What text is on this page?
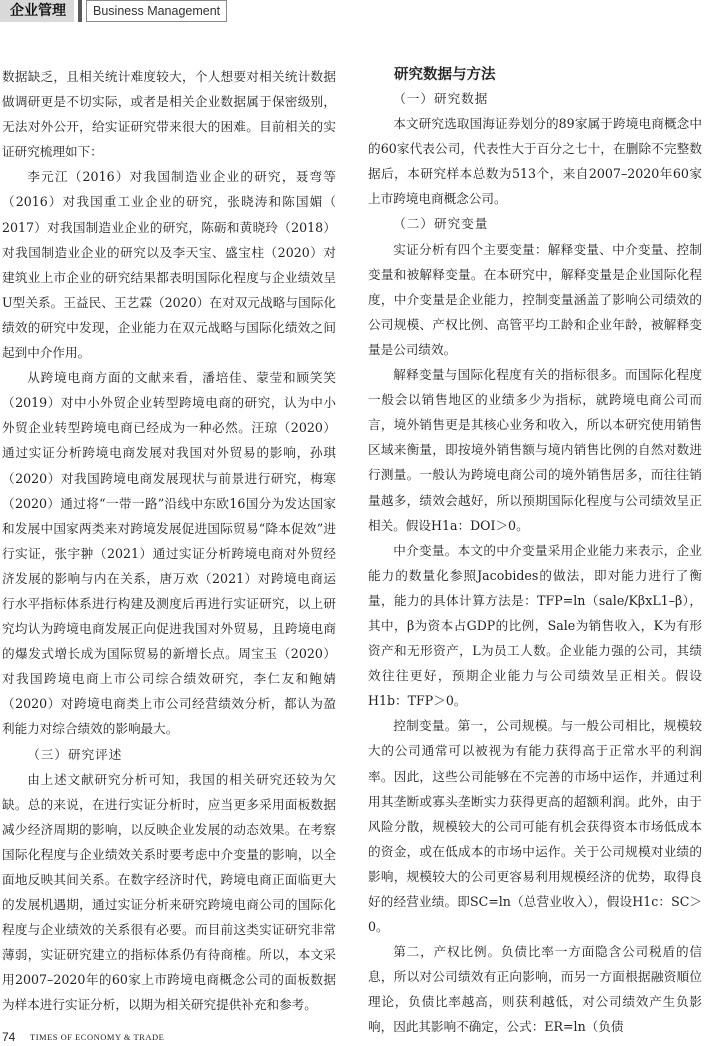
企业管理	Business Management

数据缺乏，且相关统计难度较大，个人想要对相关统计数据做调研更是不切实际，或者是相关企业数据属于保密级别，无法对外公开，给实证研究带来很大的困难。目前相关的实证研究梳理如下：

李元江（2016）对我国制造业企业的研究，聂弯等（2016）对我国重工业企业的研究，张晓涛和陈国媚（ 2017）对我国制造业企业的研究，陈砺和黄晓玲（2018）对我国制造业企业的研究以及李天宝、盛宝柱（2020）对建筑业上市企业的研究结果都表明国际化程度与企业绩效呈U型关系。王益民、王艺霖（2020）在对双元战略与国际化绩效的研究中发现，企业能力在双元战略与国际化绩效之间起到中介作用。

从跨境电商方面的文献来看，潘培佳、蒙莹和顾笑笑（2019）对中小外贸企业转型跨境电商的研究，认为中小外贸企业转型跨境电商已经成为一种必然。汪琼（2020）通过实证分析跨境电商发展对我国对外贸易的影响，孙琪（2020）对我国跨境电商发展现状与前景进行研究，梅寒（2020）通过将“一带一路”沿线中东欧16国分为发达国家和发展中国家两类来对跨境发展促进国际贸易“降本促效”进行实证，张宇翀（2021）通过实证分析跨境电商对外贸经济发展的影响与内在关系，唐万欢（2021）对跨境电商运行水平指标体系进行构建及测度后再进行实证研究，以上研究均认为跨境电商发展正向促进我国对外贸易，且跨境电商的爆发式增长成为国际贸易的新增长点。周宝玉（2020）对我国跨境电商上市公司综合绩效研究，李仁友和鲍婧（2020）对跨境电商类上市公司经营绩效分析，都认为盈利能力对综合绩效的影响最大。

（三）研究评述

由上述文献研究分析可知，我国的相关研究还较为欠缺。总的来说，在进行实证分析时，应当更多采用面板数据减少经济周期的影响，以反映企业发展的动态效果。在考察国际化程度与企业绩效关系时要考虑中介变量的影响，以全面地反映其间关系。在数字经济时代，跨境电商正面临更大的发展机遇期，通过实证分析来研究跨境电商公司的国际化程度与企业绩效的关系很有必要。而目前这类实证研究非常薄弱，实证研究建立的指标体系仍有待商榷。所以，本文采用2007–2020年的60家上市跨境电商概念公司的面板数据为样本进行实证分析，以期为相关研究提供补充和参考。

研究数据与方法

（一）研究数据

本文研究选取国海证券划分的89家属于跨境电商概念中的60家代表公司，代表性大于百分之七十，在删除不完整数据后，本研究样本总数为513个，来自2007–2020年60家上市跨境电商概念公司。

（二）研究变量

实证分析有四个主要变量：解释变量、中介变量、控制变量和被解释变量。在本研究中，解释变量是企业国际化程度，中介变量是企业能力，控制变量涵盖了影响公司绩效的公司规模、产权比例、高管平均工龄和企业年龄，被解释变量是公司绩效。

解释变量与国际化程度有关的指标很多。而国际化程度一般会以销售地区的业绩多少为指标，就跨境电商公司而言，境外销售更是其核心业务和收入，所以本研究使用销售区域来衡量，即按境外销售额与境内销售比例的自然对数进行测量。一般认为跨境电商公司的境外销售居多，而往往销量越多，绩效会越好，所以预期国际化程度与公司绩效呈正相关。假设H1a：DOI＞0。

中介变量。本文的中介变量采用企业能力来表示，企业能力的数量化参照Jacobides的做法，即对能力进行了衡量，能力的具体计算方法是：TFP=ln（sale/KβxL1–β），其中，β为资本占GDP的比例，Sale为销售收入，K为有形资产和无形资产，L为员工人数。企业能力强的公司，其绩效往往更好，预期企业能力与公司绩效呈正相关。假设H1b：TFP＞0。

控制变量。第一，公司规模。与一般公司相比，规模较大的公司通常可以被视为有能力获得高于正常水平的利润率。因此，这些公司能够在不完善的市场中运作，并通过利用其垄断或寡头垄断实力获得更高的超额利润。此外，由于风险分散，规模较大的公司可能有机会获得资本市场低成本的资金，或在低成本的市场中运作。关于公司规模对业绩的影响，规模较大的公司更容易利用规模经济的优势，取得良好的经营业绩。即SC=ln（总营业收入），假设H1c：SC＞0。

第二，产权比例。负债比率一方面隐含公司税盾的信息，所以对公司绩效有正向影响，而另一方面根据融资順位理论，负债比率越高，则获利越低，对公司绩效产生负影响，因此其影响不确定，公式：ER=ln（负债

74 TIMES OF ECONOMY & TRADE
